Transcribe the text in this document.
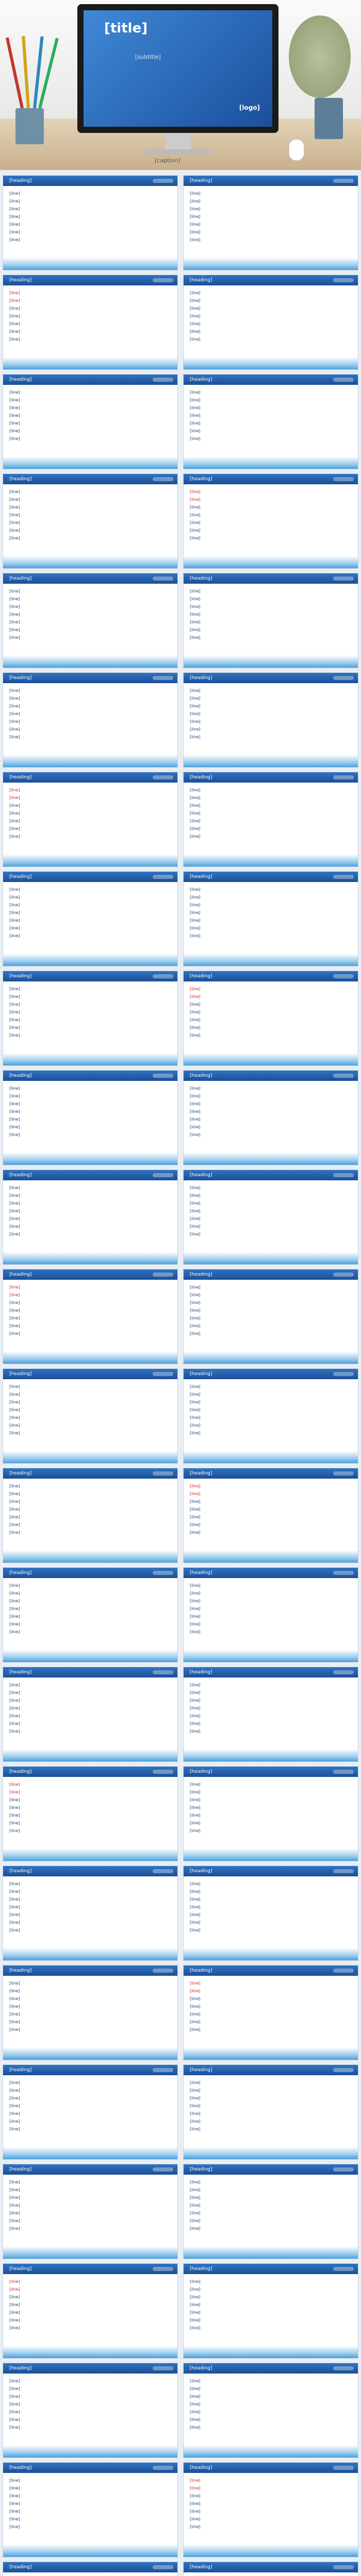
[title]
[subtitle]
[logo]
[caption]
[heading]
[line]
[line]
[line]
[line]
[line]
[line]
[line]
[heading]
[line]
[line]
[line]
[line]
[line]
[line]
[line]
[heading]
[line]
[line]
[line]
[line]
[line]
[line]
[line]
[heading]
[line]
[line]
[line]
[line]
[line]
[line]
[line]
[heading]
[line]
[line]
[line]
[line]
[line]
[line]
[line]
[heading]
[line]
[line]
[line]
[line]
[line]
[line]
[line]
[heading]
[line]
[line]
[line]
[line]
[line]
[line]
[line]
[heading]
[line]
[line]
[line]
[line]
[line]
[line]
[line]
[heading]
[line]
[line]
[line]
[line]
[line]
[line]
[line]
[heading]
[line]
[line]
[line]
[line]
[line]
[line]
[line]
[heading]
[line]
[line]
[line]
[line]
[line]
[line]
[line]
[heading]
[line]
[line]
[line]
[line]
[line]
[line]
[line]
[heading]
[line]
[line]
[line]
[line]
[line]
[line]
[line]
[heading]
[line]
[line]
[line]
[line]
[line]
[line]
[line]
[heading]
[line]
[line]
[line]
[line]
[line]
[line]
[line]
[heading]
[line]
[line]
[line]
[line]
[line]
[line]
[line]
[heading]
[line]
[line]
[line]
[line]
[line]
[line]
[line]
[heading]
[line]
[line]
[line]
[line]
[line]
[line]
[line]
[heading]
[line]
[line]
[line]
[line]
[line]
[line]
[line]
[heading]
[line]
[line]
[line]
[line]
[line]
[line]
[line]
[heading]
[line]
[line]
[line]
[line]
[line]
[line]
[line]
[heading]
[line]
[line]
[line]
[line]
[line]
[line]
[line]
[heading]
[line]
[line]
[line]
[line]
[line]
[line]
[line]
[heading]
[line]
[line]
[line]
[line]
[line]
[line]
[line]
[heading]
[line]
[line]
[line]
[line]
[line]
[line]
[line]
[heading]
[line]
[line]
[line]
[line]
[line]
[line]
[line]
[heading]
[line]
[line]
[line]
[line]
[line]
[line]
[line]
[heading]
[line]
[line]
[line]
[line]
[line]
[line]
[line]
[heading]
[line]
[line]
[line]
[line]
[line]
[line]
[line]
[heading]
[line]
[line]
[line]
[line]
[line]
[line]
[line]
[heading]
[line]
[line]
[line]
[line]
[line]
[line]
[line]
[heading]
[line]
[line]
[line]
[line]
[line]
[line]
[line]
[heading]
[line]
[line]
[line]
[line]
[line]
[line]
[line]
[heading]
[line]
[line]
[line]
[line]
[line]
[line]
[line]
[heading]
[line]
[line]
[line]
[line]
[line]
[line]
[line]
[heading]
[line]
[line]
[line]
[line]
[line]
[line]
[line]
[heading]
[line]
[line]
[line]
[line]
[line]
[line]
[line]
[heading]
[line]
[line]
[line]
[line]
[line]
[line]
[line]
[heading]
[line]
[line]
[line]
[line]
[line]
[line]
[line]
[heading]
[line]
[line]
[line]
[line]
[line]
[line]
[line]
[heading]
[line]
[line]
[line]
[line]
[line]
[line]
[line]
[heading]
[line]
[line]
[line]
[line]
[line]
[line]
[line]
[heading]
[line]
[line]
[line]
[line]
[line]
[line]
[line]
[heading]
[line]
[line]
[line]
[line]
[line]
[line]
[line]
[heading]
[line]
[line]
[line]
[line]
[line]
[line]
[line]
[heading]
[line]
[line]
[line]
[line]
[line]
[line]
[line]
[heading]
[line]
[line]
[line]
[line]
[line]
[line]
[line]
[heading]
[line]
[line]
[line]
[line]
[line]
[line]
[line]
[heading]	[heading]
